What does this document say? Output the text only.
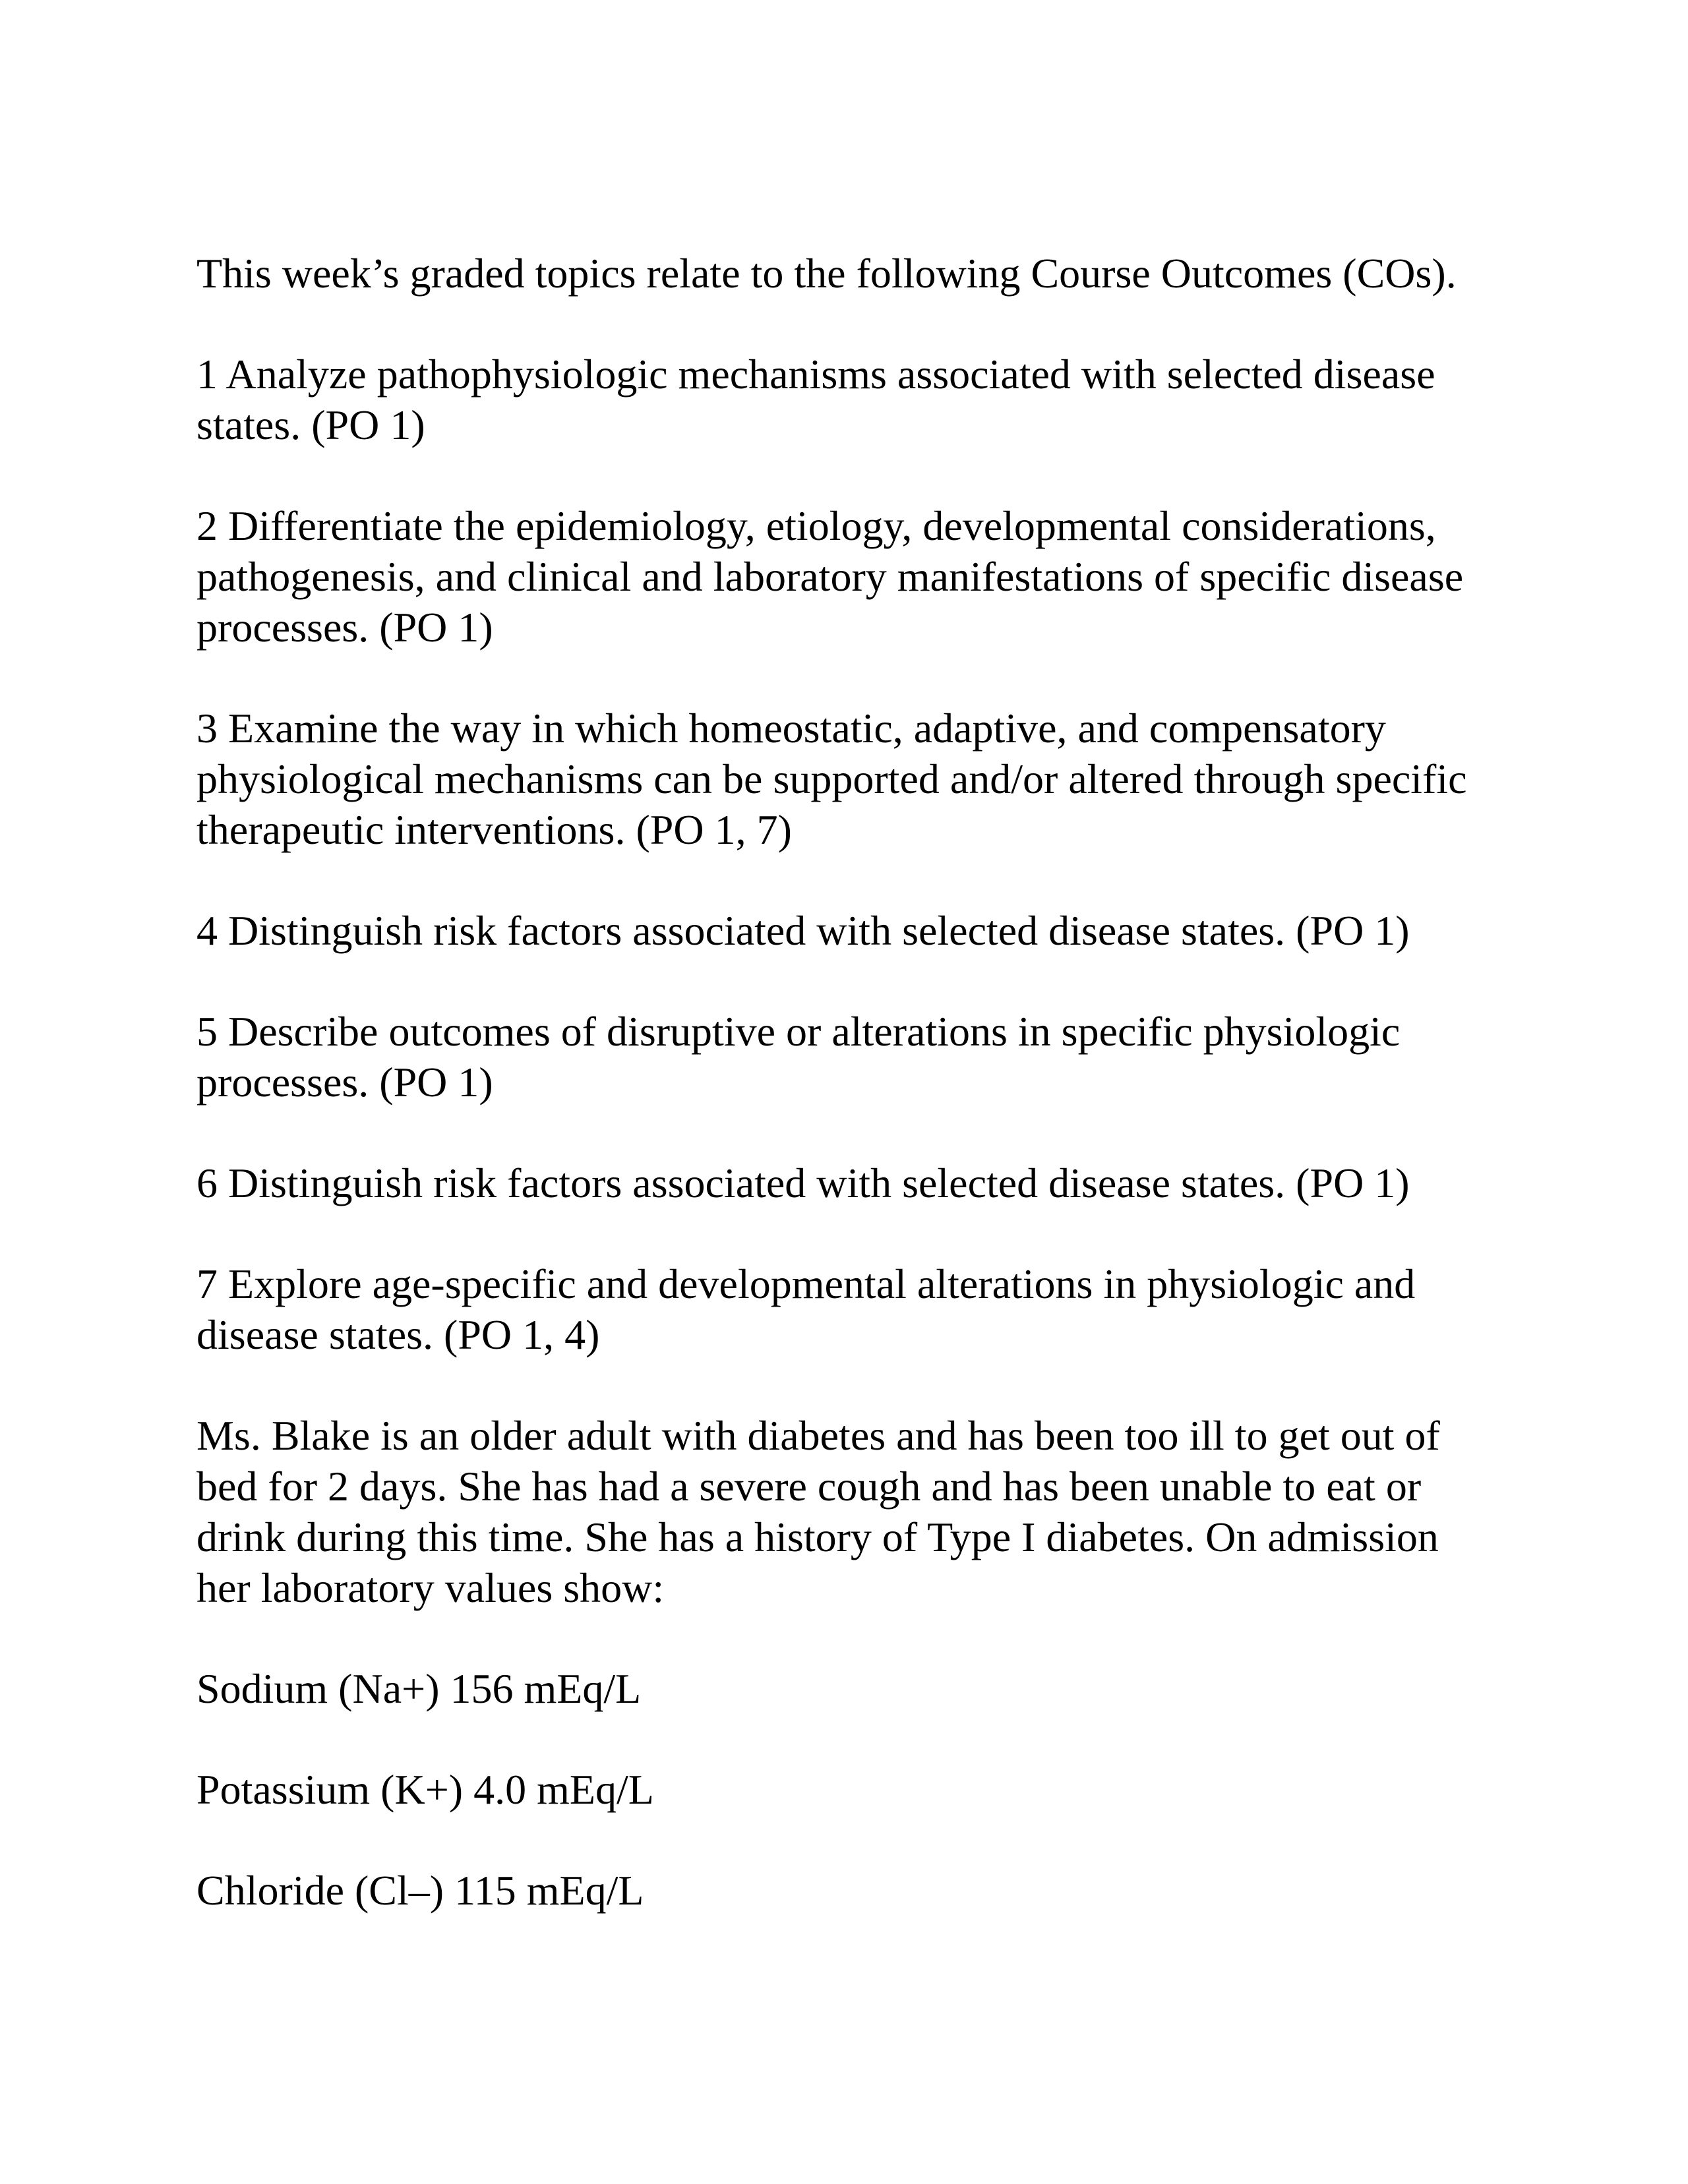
This week’s graded topics relate to the following Course Outcomes (COs).

1 Analyze pathophysiologic mechanisms associated with selected disease states. (PO 1)

2 Differentiate the epidemiology, etiology, developmental considerations, pathogenesis, and clinical and laboratory manifestations of specific disease processes. (PO 1)

3 Examine the way in which homeostatic, adaptive, and compensatory physiological mechanisms can be supported and/or altered through specific therapeutic interventions. (PO 1, 7)

4 Distinguish risk factors associated with selected disease states. (PO 1)

5 Describe outcomes of disruptive or alterations in specific physiologic processes. (PO 1)

6 Distinguish risk factors associated with selected disease states. (PO 1)

7 Explore age-specific and developmental alterations in physiologic and disease states. (PO 1, 4)

Ms. Blake is an older adult with diabetes and has been too ill to get out of bed for 2 days. She has had a severe cough and has been unable to eat or drink during this time. She has a history of Type I diabetes. On admission her laboratory values show:

Sodium (Na+) 156 mEq/L

Potassium (K+) 4.0 mEq/L

Chloride (Cl–) 115 mEq/L
